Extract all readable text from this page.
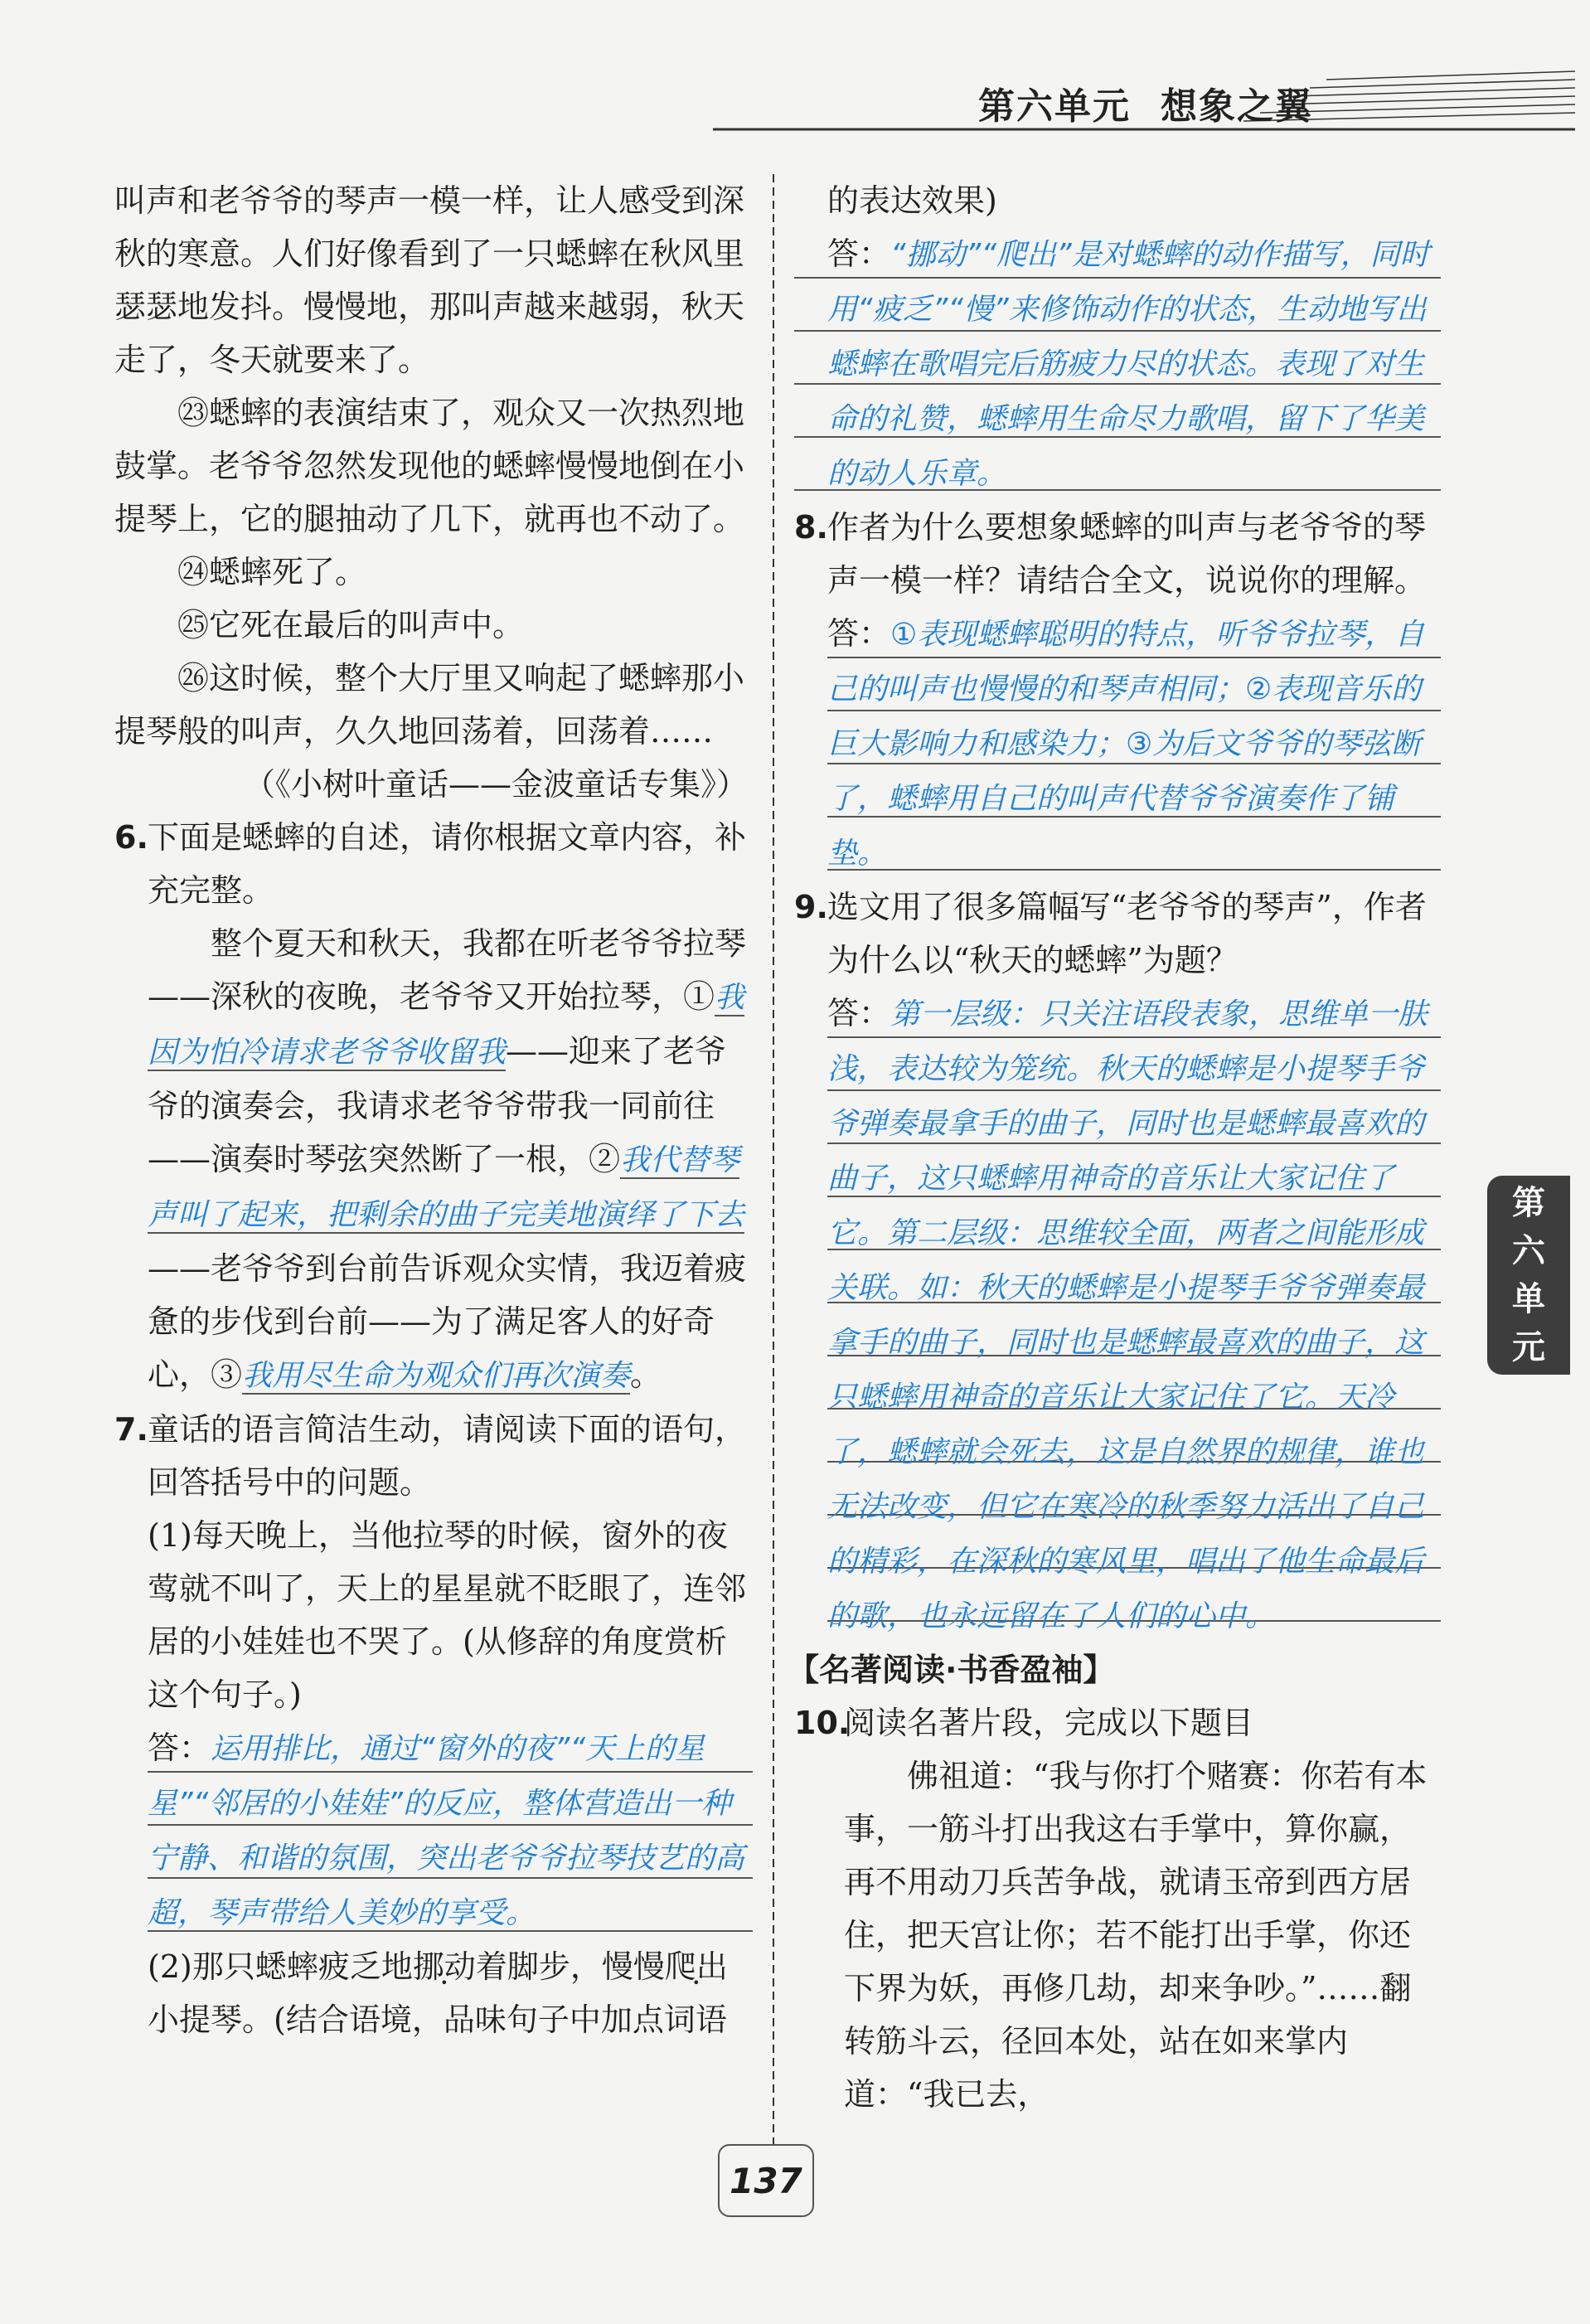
第六单元 想象之翼

叫声和老爷爷的琴声一模一样，让人感受到深秋的寒意。人们好像看到了一只蟋蟀在秋风里瑟瑟地发抖。慢慢地，那叫声越来越弱，秋天走了，冬天就要来了。

㉓蟋蟀的表演结束了，观众又一次热烈地鼓掌。老爷爷忽然发现他的蟋蟀慢慢地倒在小提琴上，它的腿抽动了几下，就再也不动了。

㉔蟋蟀死了。

㉕它死在最后的叫声中。

㉖这时候，整个大厅里又响起了蟋蟀那小提琴般的叫声，久久地回荡着，回荡着……

（《小树叶童话——金波童话专集》）

6. 下面是蟋蟀的自述，请你根据文章内容，补充完整。

整个夏天和秋天，我都在听老爷爷拉琴——深秋的夜晚，老爷爷又开始拉琴，①我因为怕冷请求老爷爷收留我——迎来了老爷爷的演奏会，我请求老爷爷带我一同前往——演奏时琴弦突然断了一根，②我代替琴声叫了起来，把剩余的曲子完美地演绎了下去——老爷爷到台前告诉观众实情，我迈着疲惫的步伐到台前——为了满足客人的好奇心，③我用尽生命为观众们再次演奏。

7. 童话的语言简洁生动，请阅读下面的语句，回答括号中的问题。

(1)每天晚上，当他拉琴的时候，窗外的夜莺就不叫了，天上的星星就不眨眼了，连邻居的小娃娃也不哭了。(从修辞的角度赏析这个句子。)

答：运用排比，通过“窗外的夜”“天上的星星”“邻居的小娃娃”的反应，整体营造出一种宁静、和谐的氛围，突出老爷爷拉琴技艺的高超，琴声带给人美妙的享受。

(2)那只蟋蟀疲乏地挪动着脚步，慢慢爬出小提琴。(结合语境，品味句子中加点词语

的表达效果)

答：“挪动”“爬出”是对蟋蟀的动作描写，同时用“疲乏”“慢”来修饰动作的状态，生动地写出蟋蟀在歌唱完后筋疲力尽的状态。表现了对生命的礼赞，蟋蟀用生命尽力歌唱，留下了华美的动人乐章。

8. 作者为什么要想象蟋蟀的叫声与老爷爷的琴声一模一样？请结合全文，说说你的理解。

答：①表现蟋蟀聪明的特点，听爷爷拉琴，自己的叫声也慢慢的和琴声相同；②表现音乐的巨大影响力和感染力；③为后文爷爷的琴弦断了，蟋蟀用自己的叫声代替爷爷演奏作了铺垫。

9. 选文用了很多篇幅写“老爷爷的琴声”，作者为什么以“秋天的蟋蟀”为题？

答：第一层级：只关注语段表象，思维单一肤浅，表达较为笼统。秋天的蟋蟀是小提琴手爷爷弹奏最拿手的曲子，同时也是蟋蟀最喜欢的曲子，这只蟋蟀用神奇的音乐让大家记住了它。第二层级：思维较全面，两者之间能形成关联。如：秋天的蟋蟀是小提琴手爷爷弹奏最拿手的曲子，同时也是蟋蟀最喜欢的曲子，这只蟋蟀用神奇的音乐让大家记住了它。天冷了，蟋蟀就会死去，这是自然界的规律，谁也无法改变，但它在寒冷的秋季努力活出了自己的精彩，在深秋的寒风里，唱出了他生命最后的歌，也永远留在了人们的心中。

【名著阅读·书香盈袖】

10.

阅读名著片段，完成以下题目

佛祖道：“我与你打个赌赛：你若有本事，一筋斗打出我这右手掌中，算你赢，再不用动刀兵苦争战，就请玉帝到西方居住，把天宫让你；若不能打出手掌，你还下界为妖，再修几劫，却来争吵。”……翻转筋斗云，径回本处，站在如来掌内道：“我已去，

第
六
单
元
137
